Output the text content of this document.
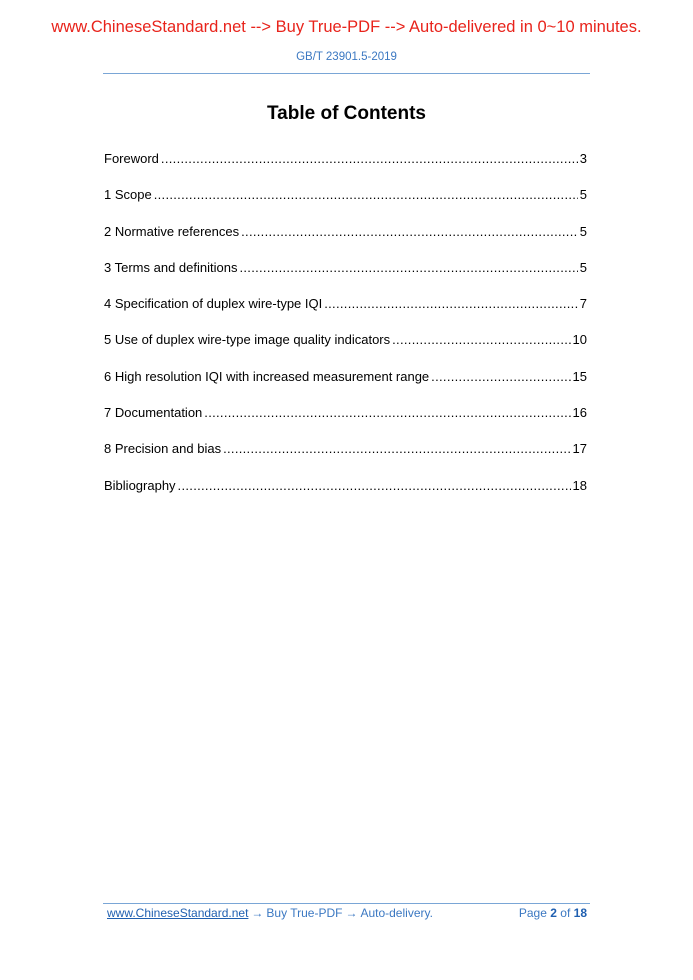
www.ChineseStandard.net --> Buy True-PDF --> Auto-delivered in 0~10 minutes.
GB/T 23901.5-2019
Table of Contents
Foreword .....	3
1 Scope .....	5
2 Normative references .....	5
3 Terms and definitions .....	5
4 Specification of duplex wire-type IQI .....	7
5 Use of duplex wire-type image quality indicators .....	10
6 High resolution IQI with increased measurement range .....	15
7 Documentation .....	16
8 Precision and bias .....	17
Bibliography .....	18
www.ChineseStandard.net → Buy True-PDF → Auto-delivery.	Page 2 of 18
